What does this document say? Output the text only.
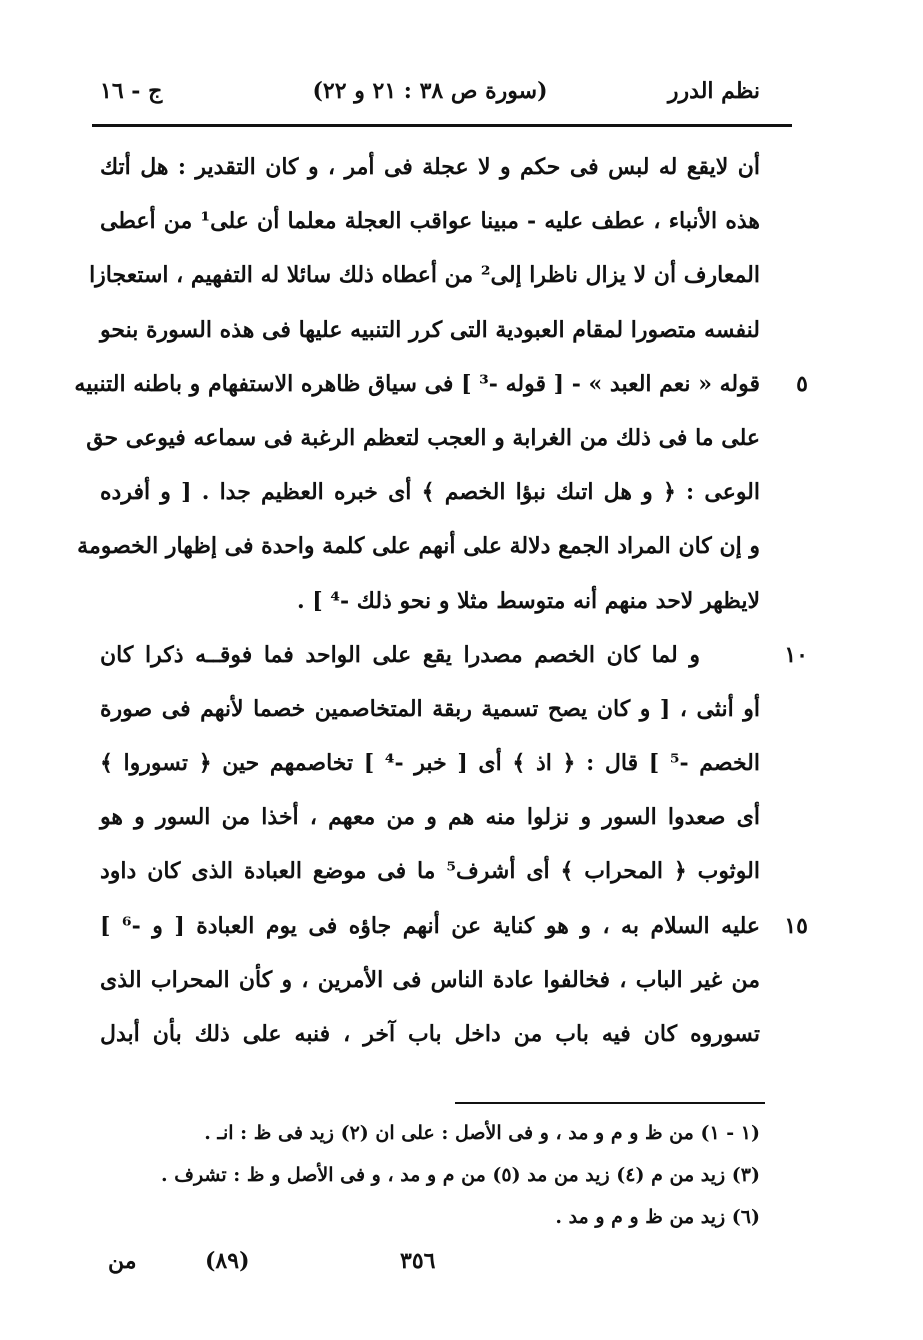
نظم الدرر
(سورة ص ٣٨ : ٢١ و ٢٢)
ج - ١٦
أن لايقع له لبس فى حكم و لا عجلة فى أمر ، و كان التقدير : هل أتك
هذه الأنباء ، عطف عليه - مبينا عواقب العجلة معلما أن على¹ من أعطى
المعارف أن لا يزال ناظرا إلى² من أعطاه ذلك سائلا له التفهيم ، استعجازا
لنفسه متصورا لمقام العبودية التى كرر التنبيه عليها فى هذه السورة بنحو
قوله « نعم العبد » - [ قوله -³ ] فى سياق ظاهره الاستفهام و باطنه التنبيه ٥
على ما فى ذلك من الغرابة و العجب لتعظم الرغبة فى سماعه فيوعى حق
الوعى : ﴿ و هل اتىك نبؤا الخصم ﴾ أى خبره العظيم جدا . [ و أفرده
و إن كان المراد الجمع دلالة على أنهم على كلمة واحدة فى إظهار الخصومة
لايظهر لاحد منهم أنه متوسط مثلا و نحو ذلك -⁴ ] .
و لما كان الخصم مصدرا يقع على الواحد فما فوقــه ذكرا كان	١٠
أو أنثى ، [ و كان يصح تسمية ربقة المتخاصمين خصما لأنهم فى صورة
الخصم -⁵ ] قال : ﴿ اذ ﴾ أى [ خبر -⁴ ] تخاصمهم حين ﴿ تسوروا ﴾
أى صعدوا السور و نزلوا منه هم و من معهم ، أخذا من السور و هو
الوثوب ﴿ المحراب ﴾ أى أشرف⁵ ما فى موضع العبادة الذى كان داود
عليه السلام به ، و هو كناية عن أنهم جاؤه فى يوم العبادة [ و -⁶ ] ١٥
من غير الباب ، فخالفوا عادة الناس فى الأمرين ، و كأن المحراب الذى
تسوروه كان فيه باب من داخل باب آخر ، فنبه على ذلك بأن أبدل
(١ - ١) من ظ و م و مد ، و فى الأصل : على ان (٢) زيد فى ظ : انـ .
(٣) زيد من م (٤) زيد من مد (٥) من م و مد ، و فى الأصل و ظ : تشرف .
(٦) زيد من ظ و م و مد .
٣٥٦
(٨٩)
من
